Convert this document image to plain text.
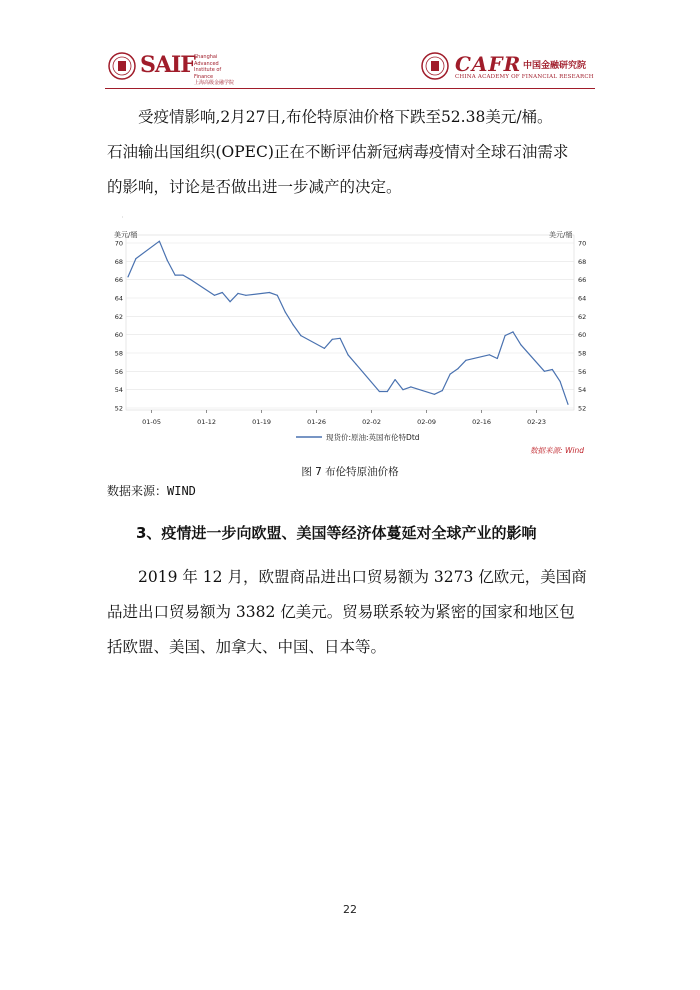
SAIF Shanghai Advanced
Institute of Finance
上海高级金融学院
CAFR 中国金融研究院
CHINA ACADEMY OF FINANCIAL RESEARCH
　　受疫情影响,2月27日,布伦特原油价格下跌至52.38美元/桶。
石油输出国组织(OPEC)正在不断评估新冠病毒疫情对全球石油需求
的影响，讨论是否做出进一步减产的决定。
美元/桶	美元/桶
52
54
56
58
60
62
64
66
68
70
52
54
56
58
60
62
64
66
68
70
01-05	01-12	01-19	01-26	02-02	02-09	02-16	02-23
现货价:原油:英国布伦特Dtd
数据来源: Wind
图 7 布伦特原油价格
数据来源：WIND
3、疫情进一步向欧盟、美国等经济体蔓延对全球产业的影响
　　2019 年 12 月，欧盟商品进出口贸易额为 3273 亿欧元，美国商
品进出口贸易额为 3382 亿美元。贸易联系较为紧密的国家和地区包
括欧盟、美国、加拿大、中国、日本等。
22
